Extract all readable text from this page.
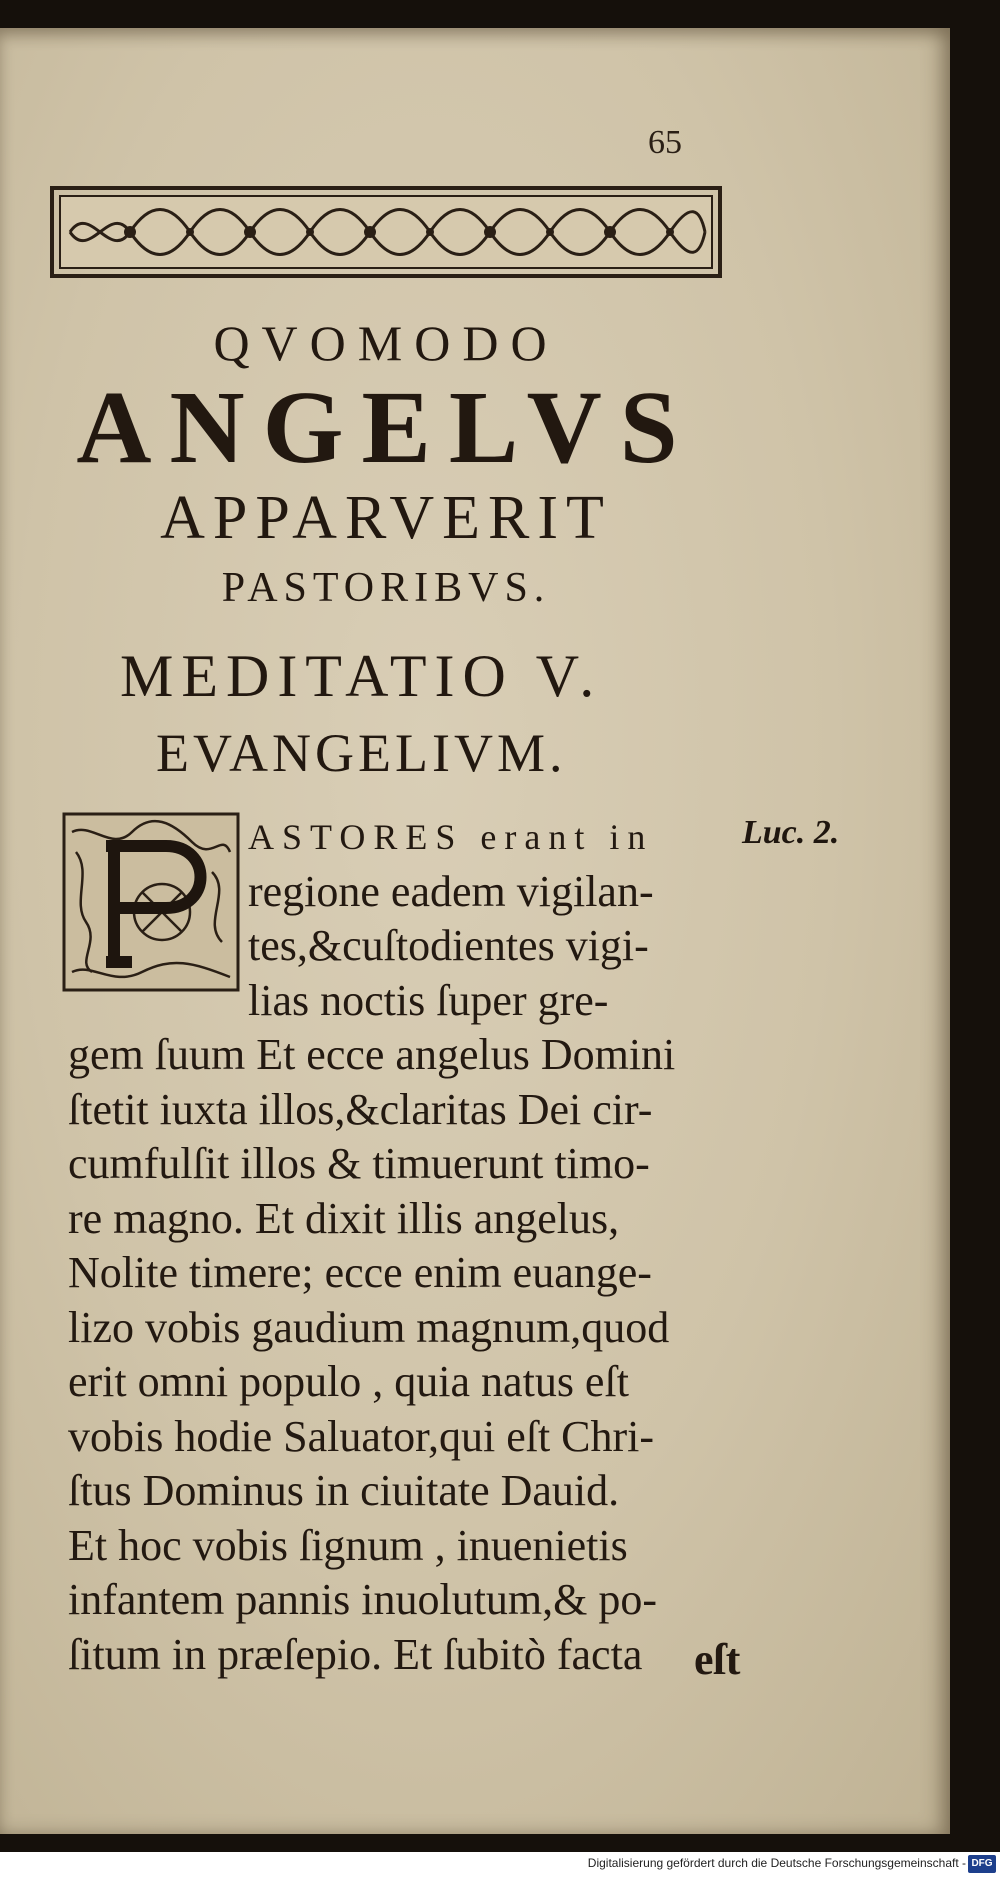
65
QVOMODO
ANGELVS
APPARVERIT
PASTORIBVS.
MEDITATIO V.
EVANGELIVM.
ASTORES erant in
regione eadem vigilan-
tes,&cuſtodientes vigi-
lias noctis ſuper gre-
gem ſuum Et ecce angelus Domini
ſtetit iuxta illos,&claritas Dei cir-
cumfulſit illos & timuerunt timo-
re magno. Et dixit illis angelus,
Nolite timere; ecce enim euange-
lizo vobis gaudium magnum,quod
erit omni populo , quia natus eſt
vobis hodie Saluator,qui eſt Chri-
ſtus Dominus in ciuitate Dauid.
Et hoc vobis ſignum , inuenietis
infantem pannis inuolutum,& po-
ſitum in præſepio. Et ſubitò facta
Luc. 2.
eſt
Digitalisierung gefördert durch die Deutsche Forschungsgemeinschaft - DFG
